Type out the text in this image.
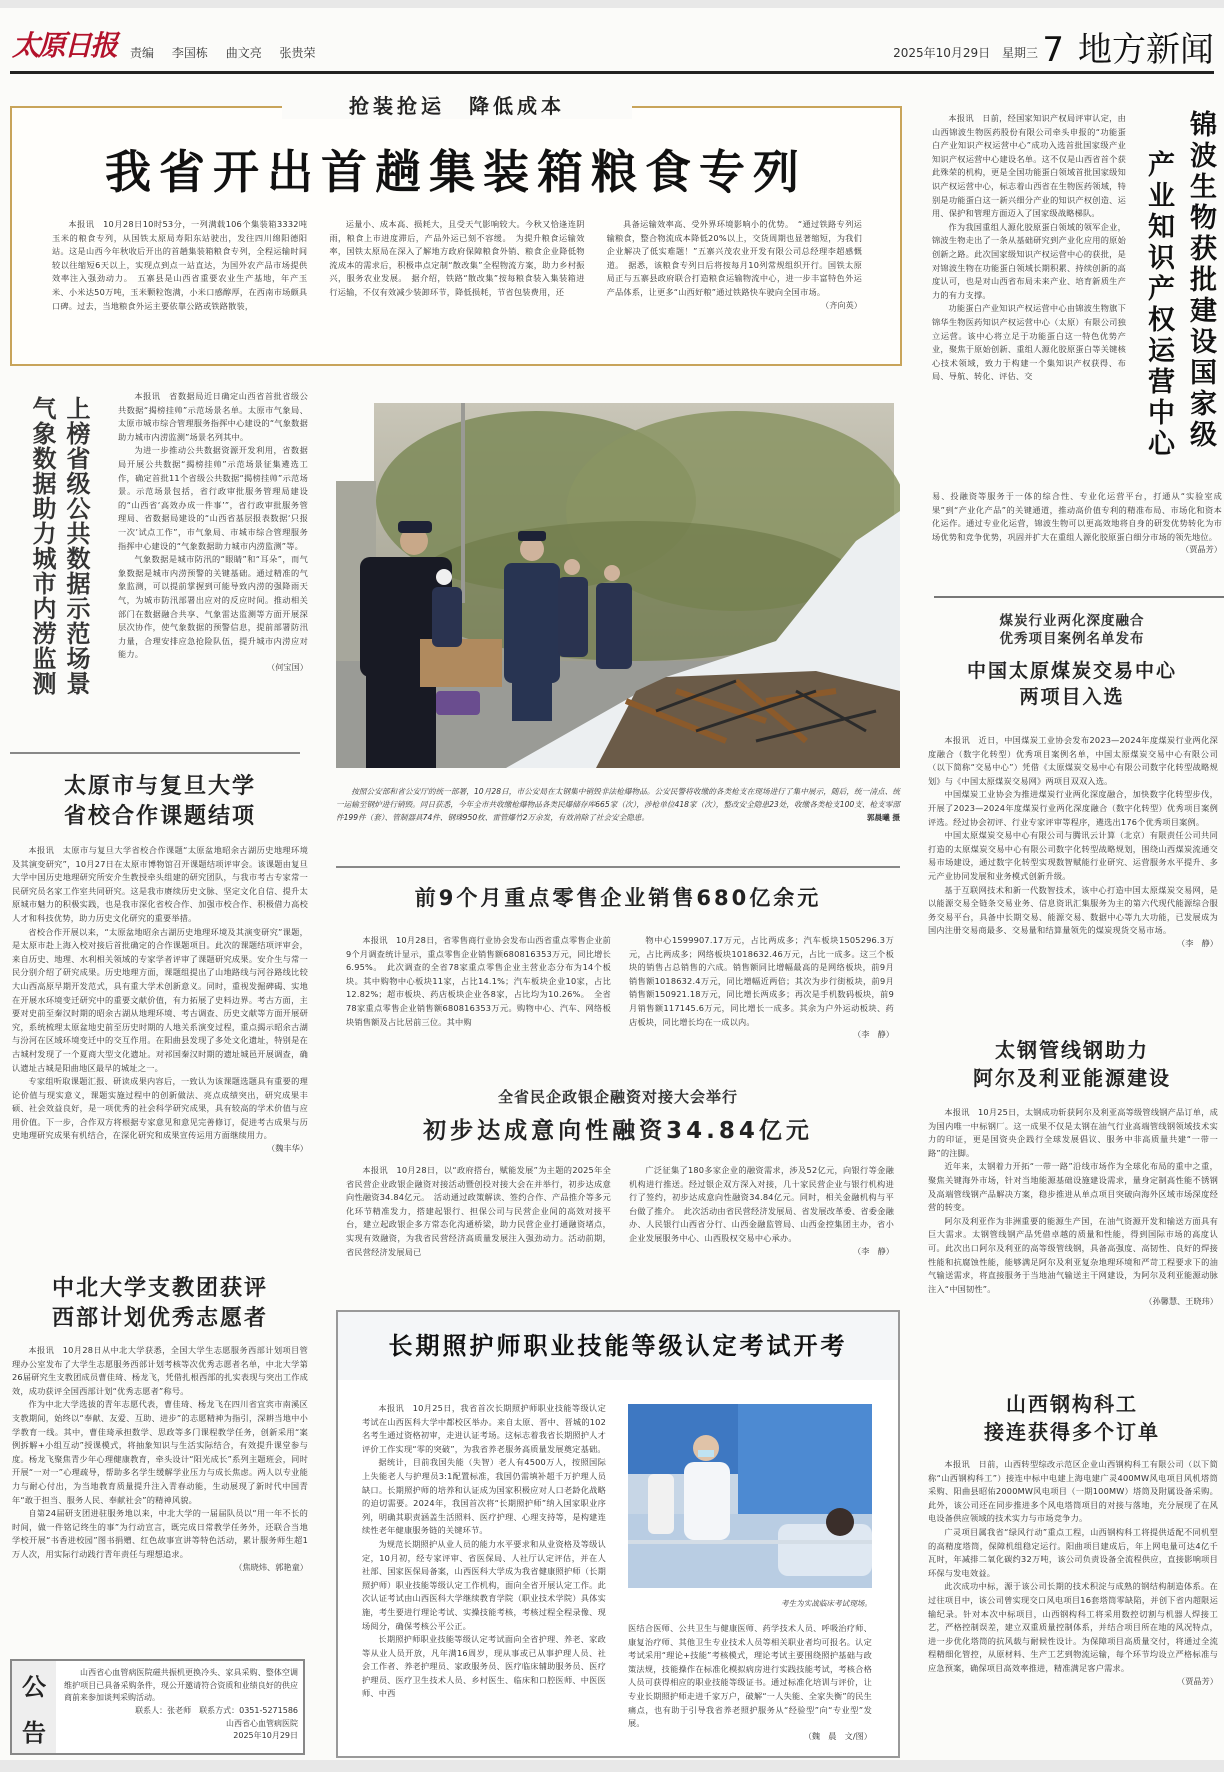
太原日报 责编 李国栋 曲文亮 张贵荣	2025年10月29日 星期三 7 地方新闻
抢装抢运　降低成本
我省开出首趟集装箱粮食专列
本报讯　10月28日10时53分，一列满载106个集装箱3332吨玉米的粮食专列，从国铁太原局寿阳东站驶出，发往四川绵阳德阳站。这是山西今年秋收后开出的首趟集装箱粮食专列，全程运输时间较以往缩短6天以上，实现点到点一站直达，为国外农产品市场提供效率注入强劲动力。　五寨县是山西省重要农业生产基地，年产玉米、小米达50万吨，玉米颗粒饱满，小米口感醇厚，在西南市场颇具口碑。过去，当地粮食外运主要依靠公路或铁路散装，
运量小、成本高、损耗大，且受天气影响较大。今秋又恰逢连阴雨，粮食上市进度滞后，产品外运已刻不容缓。　为提升粮食运输效率，国铁太原局在深入了解地方政府保障粮食外销、粮食企业降低物流成本的需求后，积极串点定制“散改集”全程物流方案，助力乡村振兴，服务农业发展。　据介绍，铁路“散改集”按每粮食装入集装箱进行运输，不仅有效减少装卸环节，降低损耗，节省包装费用，还
具备运输效率高、受外界环境影响小的优势。　“通过铁路专列运输粮食，整合物流成本降低20%以上，交货周期也显著缩短，为我们企业解决了低实难题！”五寨兴茂农业开发有限公司总经理李超感慨道。　据悉，该粮食专列日后将按每月10列常规组织开行。国铁太原局正与五寨县政府联合打造粮食运输物流中心，进一步丰富特色外运产品体系，让更多“山西好粮”通过铁路快车驶向全国市场。
（齐向英）	锦波生物获批建设国家级
产业知识产权运营中心

本报讯　日前，经国家知识产权局评审认定，由山西锦波生物医药股份有限公司牵头申报的“功能蛋白产业知识产权运营中心”成功入选首批国家级产业知识产权运营中心建设名单。这不仅是山西省首个获此殊荣的机构，更是全国功能蛋白领域首批国家级知识产权运营中心，标志着山西省在生物医药领域，特别是功能蛋白这一新兴细分产业的知识产权创造、运用、保护和管理方面迈入了国家级战略梯队。

作为我国重组人源化胶原蛋白领域的领军企业，锦波生物走出了一条从基础研究到产业化应用的原始创新之路。此次国家级知识产权运营中心的获批，是对锦波生物在功能蛋白领域长期积累、持续创新的高度认可，也是对山西省布局未来产业、培育新质生产力的有力支撑。

功能蛋白产业知识产权运营中心由锦波生物旗下锦华生物医药知识产权运营中心（太原）有限公司独立运营。该中心将立足于功能蛋白这一特色优势产业，聚焦于原始创新、重组人源化胶原蛋白等关键核心技术领域，致力于构建一个集知识产权获得、布局、导航、转化、评估、交

易、投融资等服务于一体的综合性、专业化运营平台，打通从“实验室成果”到“产业化产品”的关键通道，推动高价值专利的精准布局、市场化和资本化运作。通过专业化运营，锦波生物可以更高效地将自身的研发优势转化为市场优势和竞争优势，巩固并扩大在重组人源化胶原蛋白细分市场的领先地位。

（贾晶芳）
上榜省级公共数据示范场景
气象数据助力城市内涝监测	本报讯　省数据局近日确定山西省首批省级公共数据“揭榜挂帅”示范场景名单。太原市气象局、太原市城市综合管理服务指挥中心建设的“气象数据助力城市内涝监测”场景名列其中。

为进一步推动公共数据资源开发利用，省数据局开展公共数据“揭榜挂帅”示范场景征集遴选工作，确定首批11个省级公共数据“揭榜挂帅”示范场景。示范场景包括，省行政审批服务管理局建设的“山西省‘高效办成一件事’”，省行政审批服务管理局、省数据局建设的“山西省基层报表数据‘只报一次’试点工作”，市气象局、市城市综合管理服务指挥中心建设的“气象数据助力城市内涝监测”等。

气象数据是城市防汛的“眼睛”和“耳朵”，而气象数据是城市内涝预警的关键基础。通过精准的气象监测，可以提前掌握到可能导致内涝的强降雨天气，为城市防汛部署出应对的反应时间。推动相关部门在数据融合共享、气象雷达监测等方面开展深层次协作，使气象数据的预警信息，提前部署防汛力量，合理安排应急抢险队伍，提升城市内涝应对能力。

（何宝国）
按照公安部和省公安厅的统一部署，10月28日，市公安局在太钢集中销毁非法枪爆物品。公安民警将收缴的各类枪支在现场进行了集中展示，随后，统一清点、统一运输至钢炉进行销毁。同日获悉，今年全市共收缴枪爆物品各类民爆储存库665家（次），涉枪单位418家（次），整改安全隐患23处，收缴各类枪支100支、枪支零部件199件（套）、管制器具74件、钢珠950枚、雷管爆竹2万余发，有效消除了社会安全隐患。	郭晨曦 摄
前9个月重点零售企业销售680亿余元
本报讯　10月28日，省零售商行业协会发布山西省重点零售企业前9个月调查统计显示，重点零售企业销售额680816353万元，同比增长6.95%。　此次调查的全省78家重点零售企业主营业态分布为14个板块。其中购物中心板块11家，占比14.1%；汽车板块企业10家，占比12.82%；超市板块、药店板块企业各8家，占比均为10.26%。　全省78家重点零售企业销售额680816353万元。购物中心、汽车、网络板块销售额及占比居前三位。其中购
物中心1599907.17万元，占比两成多；汽车板块1505296.3万元，占比两成多；网络板块1018632.46万元，占比一成多。这三个板块的销售占总销售的六成。销售额同比增幅最高的是网络板块，前9月销售额1018632.4万元，同比增幅近两倍；其次为步行街板块，前9月销售额150921.18万元，同比增长两成多；再次是手机数码板块，前9月销售额117145.6万元，同比增长一成多。其余为户外运动板块、药店板块，同比增长均在一成以内。
（李　静）
全省民企政银企融资对接大会举行
初步达成意向性融资34.84亿元
本报讯　10月28日，以“政府搭台，赋能发展”为主题的2025年全省民营企业政银企融资对接活动暨创投对接大会在并举行，初步达成意向性融资34.84亿元。　活动通过政策解读、签约合作、产品推介等多元化环节精准发力，搭建起银行、担保公司与民营企业间的高效对接平台，建立起政银企多方常态化沟通桥梁，助力民营企业打通融资堵点，实现有效融资，为我省民营经济高质量发展注入强劲动力。活动前期，省民营经济发展局已
广泛征集了180多家企业的融资需求，涉及52亿元，向银行等金融机构进行推送。经过银企双方深入对接，几十家民营企业与银行机构进行了签约，初步达成意向性融资34.84亿元。同时，相关金融机构与平台做了推介。　此次活动由省民营经济发展局、省发展改革委、省委金融办、人民银行山西省分行、山西金融监管局、山西金控集团主办，省小企业发展服务中心、山西股权交易中心承办。
（李　静）
太原市与复旦大学
省校合作课题结项

本报讯　太原市与复旦大学省校合作课题“太原盆地昭余古湖历史地理环境及其演变研究”，10月27日在太原市博物馆召开课题结项评审会。该课题由复旦大学中国历史地理研究所安介生教授牵头组建的研究团队，与我市考古专家常一民研究员名家工作室共同研究。这是我市赓续历史文脉、坚定文化自信、提升太原城市魅力的积极实践，也是我市深化省校合作、加强市校合作、积极借力高校人才和科技优势，助力历史文化研究的重要举措。

省校合作开展以来，“太原盆地昭余古湖历史地理环境及其演变研究”课题，是太原市赴上海入校对接后首批确定的合作课题项目。此次的课题结项评审会，来自历史、地理、水利相关领域的专家学者评审了课题研究成果。安介生与常一民分别介绍了研究成果。历史地理方面，课题组提出了山地路线与河谷路线比较大山西高原早期开发范式，具有重大学术创新意义。同时，重视发掘碑碣、实地在开展水环境变迁研究中的重要文献价值，有力拓展了史料边界。考古方面，主要对史前至秦汉时期的昭余古湖从地理环境、考古调查、历史文献等方面开展研究，系统梳理太原盆地史前至历史时期的人地关系演变过程，重点揭示昭余古湖与汾河在区域环境变迁中的交互作用。在阳曲县发现了多处文化遗址，特别是在古城村发现了一个夏商大型文化遗址。对祁国秦汉时期的遗址城邑开展调查，确认遗址古城是阳曲地区最早的城址之一。

专家组听取课题汇报、研读成果内容后，一致认为该课题选题具有重要的理论价值与现实意义，课题实施过程中的创新做法、亮点成绩突出，研究成果丰硕、社会效益良好，是一项优秀的社会科学研究成果，具有较高的学术价值与应用价值。下一步，合作双方将根据专家意见和意见完善修订，促进考古成果与历史地理研究成果有机结合，在深化研究和成果宣传运用方面继续用力。

（魏丰华）
中北大学支教团获评
西部计划优秀志愿者

本报讯　10月28日从中北大学获悉，全国大学生志愿服务西部计划项目管理办公室发布了大学生志愿服务西部计划考核等次优秀志愿者名单，中北大学第26届研究生支教团成员曹佳琦、杨龙飞，凭借扎根西部的扎实表现与突出工作成效，成功获评全国西部计划“优秀志愿者”称号。

作为中北大学选拔的青年志愿代表，曹佳琦、杨龙飞在四川省宜宾市南溪区支教期间，始终以“奉献、友爱、互助、进步”的志愿精神为指引，深耕当地中小学教育一线。其中，曹佳琦承担数学、思政等多门课程教学任务，创新采用“案例拆解+小组互动”授课模式，将抽象知识与生活实际结合，有效提升课堂参与度。杨龙飞聚焦青少年心理健康教育，牵头设计“阳光成长”系列主题班会，同时开展“一对一”心理疏导，帮助多名学生缓解学业压力与成长焦虑。两人以专业能力与耐心付出，为当地教育质量提升注入青春动能，生动展现了新时代中国青年“敢于担当、服务人民、奉献社会”的精神风貌。

自第24届研支团进驻服务地以来，中北大学的一届届队员以“用一年不长的时间，做一件铭记终生的事”为行动宣言，既完成日常教学任务外，还联合当地学校开展“书香进校园”图书捐赠、红色故事宣讲等特色活动，累计服务师生超1万人次，用实际行动践行青年责任与理想追求。

（焦晓炜、郭艳童）
公
告
山西省心血管病医院磁共振机更换冷头、家具采购、整体空调维护项目已具备采购条件，现公开邀请符合资质和业绩良好的供应商前来参加谈判采购活动。
联系人：张老师　联系方式：0351-5271586
山西省心血管病医院
2025年10月29日
长期照护师职业技能等级认定考试开考

本报讯　10月25日，我省首次长期照护师职业技能等级认定考试在山西医科大学中都校区举办。来自太原、晋中、晋城的102名考生通过资格初审，走进认证考场。这标志着我省长期照护人才评价工作实现“零的突破”，为我省养老服务高质量发展奠定基础。

据统计，目前我国失能（失智）老人有4500万人，按照国际上失能老人与护理员3:1配置标准，我国仍需填补超千万护理人员缺口。长期照护师的培养和认证成为国家积极应对人口老龄化战略的迫切需要。2024年，我国首次将“长期照护师”纳入国家职业序列，明确其职责涵盖生活照料、医疗护理、心理支持等，是构建连续性老年健康服务链的关键环节。

为规范长期照护从业人员的能力水平要求和从业资格及等级认定，10月初，经专家评审、省医保局、人社厅认定评估，并在人社部、国家医保局备案，山西医科大学成为我省健康照护师（长期照护师）职业技能等级认定工作机构，面向全省开展认定工作。此次认证考试由山西医科大学继续教育学院（职业技术学院）具体实施，考生要进行理论考试、实操技能考核，考核过程全程录像、现场阅分，确保考核公平公正。

长期照护师职业技能等级认定考试面向全省护理、养老、家政等从业人员开放，凡年满16周岁，现从事或已从事护理人员、社会工作者、养老护理员、家政服务员、医疗临床辅助服务员、医疗护理员、医疗卫生技术人员、乡村医生、临床和口腔医师、中医医师、中西

考生为实战临床考试现场。

医结合医师、公共卫生与健康医师、药学技术人员、呼吸治疗师、康复治疗师、其他卫生专业技术人员等相关职业者均可报名。认定考试采用“理论+技能”考核模式，理论考试主要围绕照护基础与政策法规，技能操作在标准化模拟病房进行实践技能考试，考核合格人员可获得相应的职业技能等级证书。通过标准化培训与评价，让专业长期照护师走进千家万户，破解“一人失能、全家失衡”的民生痛点，也有助于引导我省养老照护服务从“经验型”向“专业型”发展。

（魏　晨　文/图）
煤炭行业两化深度融合
优秀项目案例名单发布
中国太原煤炭交易中心
两项目入选

本报讯　近日，中国煤炭工业协会发布2023—2024年度煤炭行业两化深度融合（数字化转型）优秀项目案例名单，中国太原煤炭交易中心有限公司（以下简称“交易中心”）凭借《太原煤炭交易中心有限公司数字化转型战略规划》与《中国太原煤炭交易网》两项目双双入选。

中国煤炭工业协会为推进煤炭行业两化深度融合，加快数字化转型步伐，开展了2023—2024年度煤炭行业两化深度融合（数字化转型）优秀项目案例评选。经过协会初评、行业专家评审等程序，遴选出176个优秀项目案例。

中国太原煤炭交易中心有限公司与腾讯云计算（北京）有限责任公司共同打造的太原煤炭交易中心有限公司数字化转型战略规划，围绕山西煤炭流通交易市场建设，通过数字化转型实现数智赋能行业研究、运营服务水平提升、多元产业协同发展和业务模式创新升级。

基于互联网技术和新一代数智技术，该中心打造中国太原煤炭交易网，是以能源交易全链条交易业务、信息资讯汇集服务为主的第六代现代能源综合服务交易平台，具备中长期交易、能源交易、数据中心等九大功能，已发展成为国内注册交易商最多、交易量和结算量领先的煤炭现货交易市场。

（李　静）
太钢管线钢助力
阿尔及利亚能源建设

本报讯　10月25日，太钢成功斩获阿尔及利亚高等级管线钢产品订单，成为国内唯一中标钢厂。这一成果不仅是太钢在油气行业高端管线钢领域技术实力的印证，更是国资央企践行全球发展倡议、服务中非高质量共建“一带一路”的注脚。

近年来，太钢着力开拓“一带一路”沿线市场作为全球化布局的重中之重，聚焦关键海外市场，针对当地能源基础设施建设需求，量身定制高性能不锈钢及高端管线钢产品解决方案，稳步推进从单点项目突破向海外区域市场深度经营的转变。

阿尔及利亚作为非洲重要的能源生产国，在油气资源开发和输送方面具有巨大需求。太钢管线钢产品凭借卓越的质量和性能，得到国际市场的高度认可。此次出口阿尔及利亚的高等级管线钢，具备高强度、高韧性、良好的焊接性能和抗腐蚀性能，能够满足阿尔及利亚复杂地理环境和严苛工程要求下的油气输送需求，将直接服务于当地油气输送主干网建设，为阿尔及利亚能源动脉注入“中国韧性”。

（孙馨慧、王晓玮）
山西钢构科工
接连获得多个订单

本报讯　日前，山西转型综改示范区企业山西钢构科工有限公司（以下简称“山西钢构科工”）接连中标中电建上海电建广灵400MW风电项目风机塔筒采购、阳曲县昭佑2000MW风电项目（一期100MW）塔筒及附属设备采购。此外，该公司还在同步推进多个风电塔筒项目的对接与落地，充分展现了在风电设备供应领域的技术实力与市场竞争力。

广灵项目属我省“绿风行动”重点工程，山西钢构科工将提供适配不同机型的高精度塔筒，保障机组稳定运行。阳曲项目建成后，年上网电量可达4亿千瓦时，年减排二氧化碳约32万吨，该公司负责设备全流程供应，直接影响项目环保与发电效益。

此次成功中标，源于该公司长期的技术积淀与成熟的钢结构制造体系。在过往项目中，该公司曾实现交口风电项目16套塔筒零缺陷，并创下省内超限运输纪录。针对本次中标项目，山西钢构科工将采用数控切割与机器人焊接工艺，严格控制误差，建立双重质量控制体系，并结合项目所在地的风况特点，进一步优化塔筒的抗风载与耐候性设计。为保障项目高质量交付，将通过全流程精细化管控，从原材料、生产工艺到物流运输，每个环节均设立严格标准与应急预案，确保项目高效率推进，精准满足客户需求。

（贾晶芳）
